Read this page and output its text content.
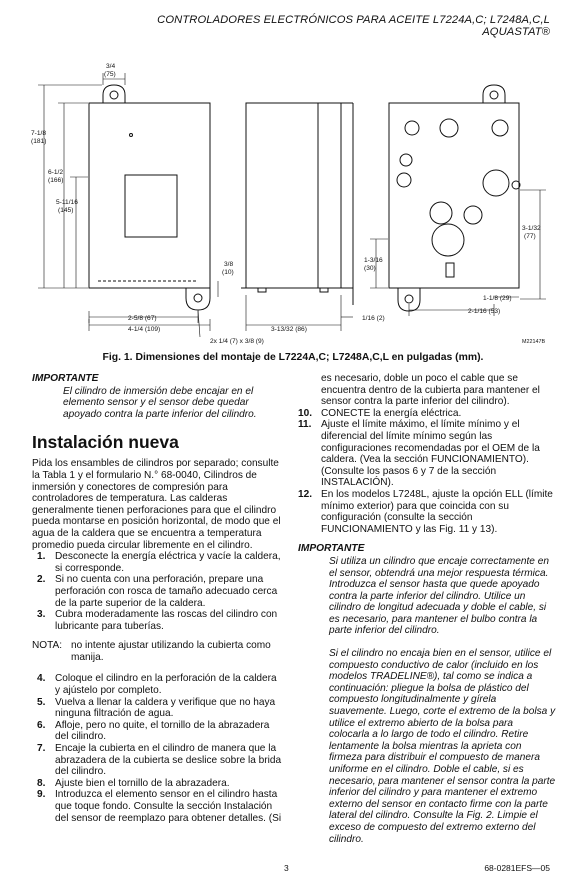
CONTROLADORES ELECTRÓNICOS PARA ACEITE L7224A,C; L7248A,C,L AQUASTAT®
3/4
(75)
7-1/8
(181)
6-1/2
(166)
5-11/16
(145)
3/8
(10)
2-5/8 (67)
4-1/4 (109)	3-13/32 (86)
2x 1/4 (7) x 3/8 (9)
1/16 (2)
1-3/16
(30)
3-1/32
(77)
1-1/8 (29)
2-1/16 (53)
M22147B
Fig. 1. Dimensiones del montaje de L7224A,C; L7248A,C,L en pulgadas (mm).
IMPORTANTE
El cilindro de inmersión debe encajar en el elemento sensor y el sensor debe quedar apoyado contra la parte inferior del cilindro.
Instalación nueva

Pida los ensambles de cilindros por separado; consulte la Tabla 1 y el formulario N.° 68-0040, Cilindros de inmersión y conectores de compresión para controladores de temperatura. Las calderas generalmente tienen perforaciones para que el cilindro pueda montarse en posición horizontal, de modo que el agua de la caldera que se encuentra a temperatura promedio pueda circular libremente en el cilindro.

1. Desconecte la energía eléctrica y vacíe la caldera, si corresponde.
2. Si no cuenta con una perforación, prepare una perforación con rosca de tamaño adecuado cerca de la parte superior de la caldera.
3. Cubra moderadamente las roscas del cilindro con lubricante para tuberías.
NOTA: no intente ajustar utilizando la cubierta como manija.
4. Coloque el cilindro en la perforación de la caldera y ajústelo por completo.
5. Vuelva a llenar la caldera y verifique que no haya ninguna filtración de agua.
6. Afloje, pero no quite, el tornillo de la abrazadera del cilindro.
7. Encaje la cubierta en el cilindro de manera que la abrazadera de la cubierta se deslice sobre la brida del cilindro.
8. Ajuste bien el tornillo de la abrazadera.
9. Introduzca el elemento sensor en el cilindro hasta que toque fondo. Consulte la sección Instalación del sensor de reemplazo para obtener detalles. (Si

es necesario, doble un poco el cable que se encuentra dentro de la cubierta para mantener el sensor contra la parte inferior del cilindro).

10. CONECTE la energía eléctrica.
11. Ajuste el límite máximo, el límite mínimo y el diferencial del límite mínimo según las configuraciones recomendadas por el OEM de la caldera. (Vea la sección FUNCIONAMIENTO). (Consulte los pasos 6 y 7 de la sección INSTALACIÓN).
12. En los modelos L7248L, ajuste la opción ELL (límite mínimo exterior) para que coincida con su configuración (consulte la sección FUNCIONAMIENTO y las Fig. 11 y 13).
IMPORTANTE
Si utiliza un cilindro que encaje correctamente en el sensor, obtendrá una mejor respuesta térmica. Introduzca el sensor hasta que quede apoyado contra la parte inferior del cilindro. Utilice un cilindro de longitud adecuada y doble el cable, si es necesario, para mantener el bulbo contra la parte inferior del cilindro.
Si el cilindro no encaja bien en el sensor, utilice el compuesto conductivo de calor (incluido en los modelos TRADELINE®), tal como se indica a continuación: pliegue la bolsa de plástico del compuesto longitudinalmente y gírela suavemente. Luego, corte el extremo de la bolsa y utilice el extremo abierto de la bolsa para colocarla a lo largo de todo el cilindro. Retire lentamente la bolsa mientras la aprieta con firmeza para distribuir el compuesto de manera uniforme en el cilindro. Doble el cable, si es necesario, para mantener el sensor contra la parte inferior del cilindro y para mantener el extremo externo del sensor en contacto firme con la parte lateral del cilindro. Consulte la Fig. 2. Limpie el exceso de compuesto del extremo externo del cilindro.
3	68-0281EFS—05
